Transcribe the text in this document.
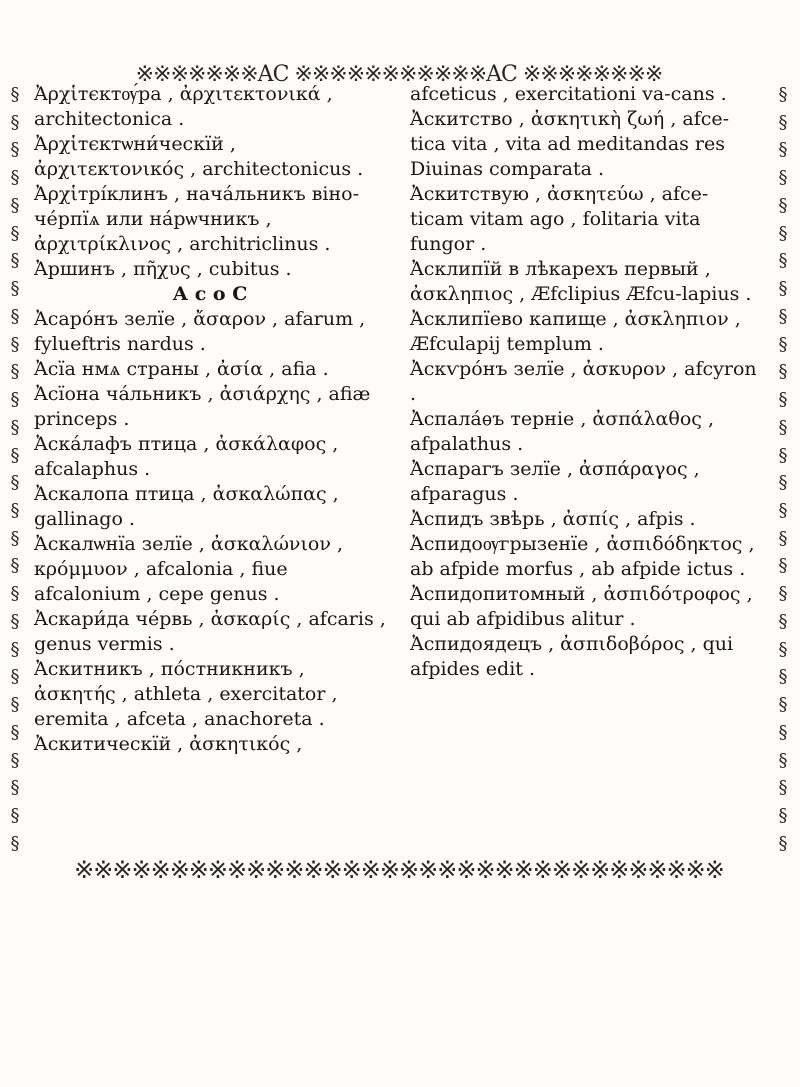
※※※※※※※AC ※※※※※※※※※※※AC ※※※※※※※※
§
§
§
§
§
§
§
§
§
§
§
§
§
§
§
§
§
§
§
§
§
§
§
§
§
§
§
§
§
§
§
§
§
§
§
§
§
§
§
§
§
§
§
§
§
§
§
§
§
§
§
§
§
§
§
§

Ἀρχἱтєктѹ́ра , ἀρχιτεκτονικά , architectonica .

Ἀρχἱтєктѡни́ческїй , ἀρχιτεκτονικός , architectonicus .

Ἀρχἱтрі́клинъ , нача́льникъ віно-че́рпїѧ или на́рѡчникъ , ἀρχιτρίκλινος , architriclinus .

Ἀршинъ , πῆχυς , cubitus .

А с о С

Ἀсаро́нъ зелїе , ἄσαρον , afarum , fylueftris nardus .

Ἀсїа нмѧ страны , ἀσία , afia .

Ἀсїона ча́льникъ , ἀσιάρχης , afiæ princeps .

Ἀска́лафъ птица , ἀσκάλαφος , afcalaphus .

Ἀскалопа птица , ἀσκαλώπας , gallinago .

Ἀскалѡнїа зелїе , ἀσκαλώνιον , κρόμμυον , afcalonia , fiue afcalonium , cepe genus .

Ἀскари́да че́рвь , ἀσκαρίς , afcaris , genus vermis .

Ἀскитникъ , по́стникникъ , ἀσκητής , athleta , exercitator , eremita , afceta , anachoreta .

Ἀскитическїй , ἀσκητικός ,

afceticus , exercitationi va-cans .

Ἀскитство , ἀσκητικὴ ζωή , afce-tica vita , vita ad meditandas res Diuinas comparata .

Ἀскитствую , ἀσκητεύω , afce-ticam vitam ago , folitaria vita fungor .

Ἀсклипїй в лѣкарехъ первый , ἀσκληπιος , Æfclipius Æfcu-lapius .

Ἀсклипїево капище , ἀσκληπιον , Æfculapij templum .

Ἀскѵро́нъ зелїе , ἀσκυρον , afcyron .

Ἀспала́ѳъ терніе , ἀσπάλαθος , afpalathus .

Ἀспарагъ зелїе , ἀσπάραγος , afparagus .

Ἀспидъ звѣрь , ἀσπίς , afpis .

Ἀспидоѹгрызенїе , ἀσπιδόδηκτος , ab afpide morfus , ab afpide ictus .

Ἀспидопитомный , ἀσπιδότροφος , qui ab afpidibus alitur .

Ἀспидоядецъ , ἀσπιδοβόρος , qui afpides edit .

※※※※※※※※※※※※※※※※※※※※※※※※※※※※※※※※※※
